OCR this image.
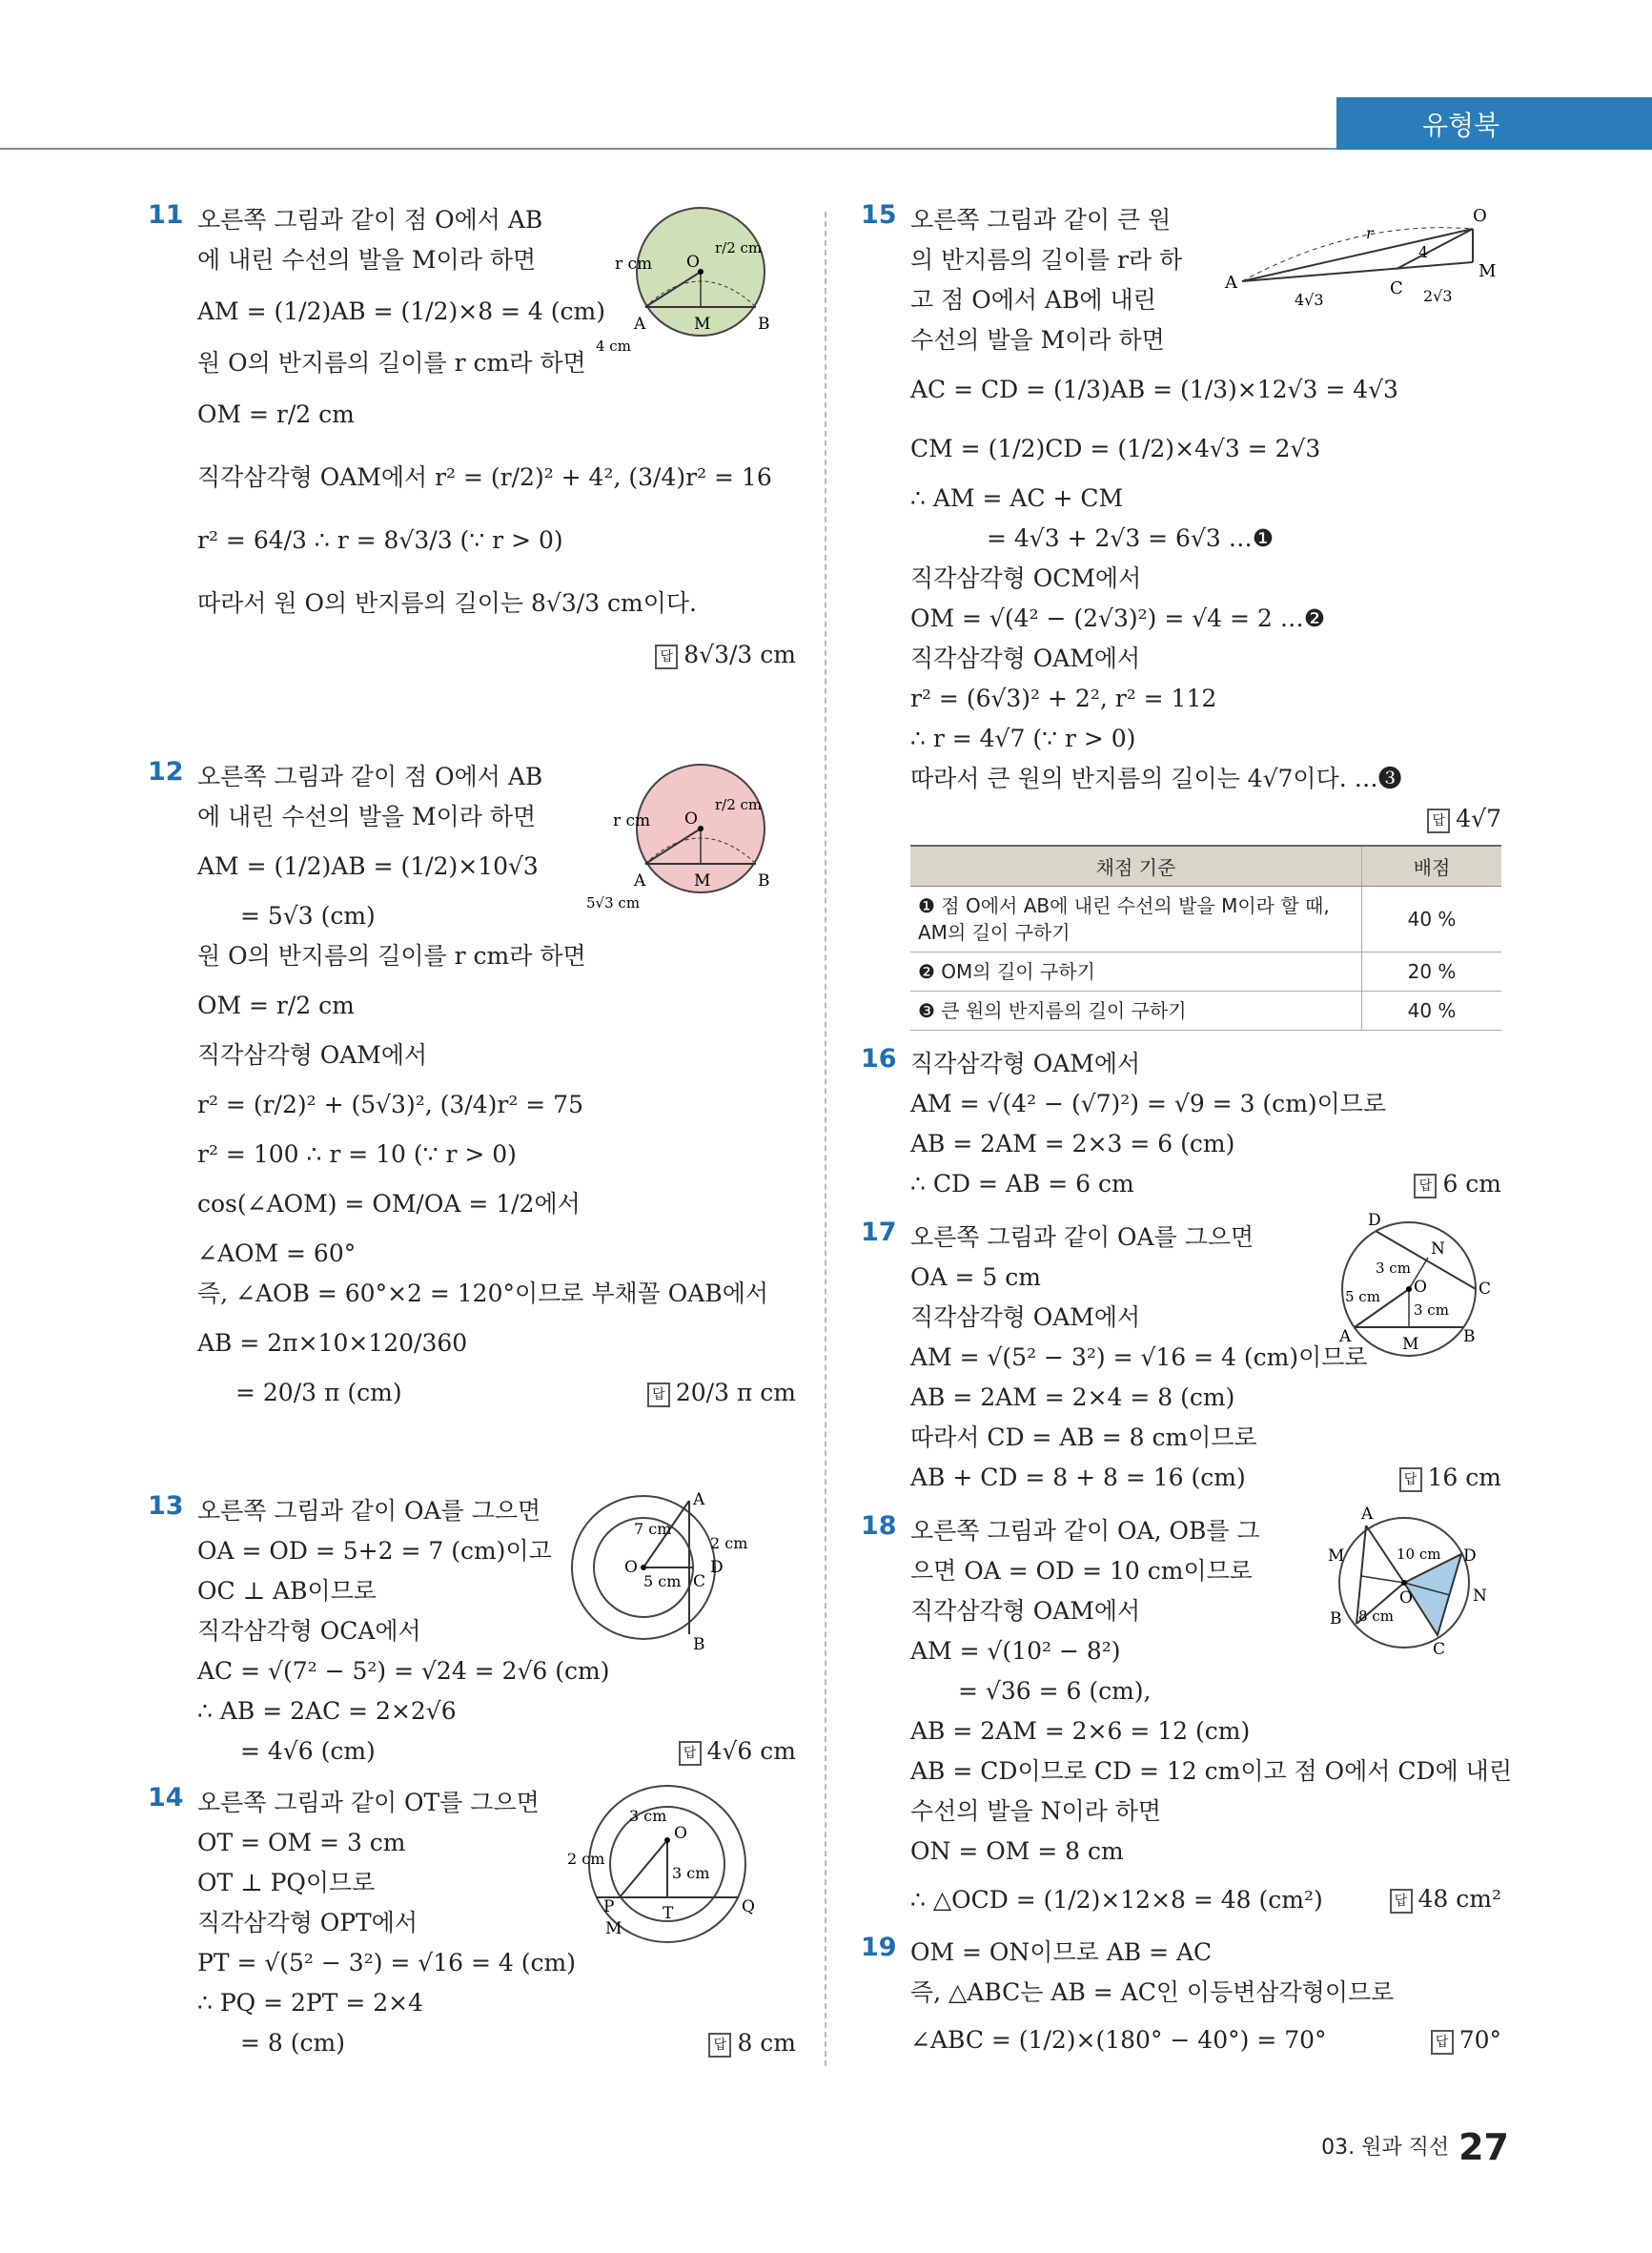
유형북
11 오른쪽 그림과 같이 점 O에서 AB
에 내린 수선의 발을 M이라 하면
AM = (1/2)AB = (1/2)×8 = 4 (cm)
원 O의 반지름의 길이를 r cm라 하면
OM = r/2 cm
직각삼각형 OAM에서 r² = (r/2)² + 4², (3/4)r² = 16
r² = 64/3 ∴ r = 8√3/3 (∵ r > 0)
따라서 원 O의 반지름의 길이는 8√3/3 cm이다.
답 8√3/3 cm
r cm O
r/2 cm
A	M	B
4 cm
12 오른쪽 그림과 같이 점 O에서 AB
에 내린 수선의 발을 M이라 하면
AM = (1/2)AB = (1/2)×10√3
= 5√3 (cm)
원 O의 반지름의 길이를 r cm라 하면
OM = r/2 cm
직각삼각형 OAM에서
r² = (r/2)² + (5√3)², (3/4)r² = 75
r² = 100 ∴ r = 10 (∵ r > 0)
cos(∠AOM) = OM/OA = 1/2에서
∠AOM = 60°
즉, ∠AOB = 60°×2 = 120°이므로 부채꼴 OAB에서
AB = 2π×10×120/360
= 20/3 π (cm)	답 20/3 π cm
r cm O
r/2 cm
A	M	B
5√3 cm
13 오른쪽 그림과 같이 OA를 그으면
OA = OD = 5+2 = 7 (cm)이고
OC ⊥ AB이므로
직각삼각형 OCA에서
AC = √(7² − 5²) = √24 = 2√6 (cm)
∴ AB = 2AC = 2×2√6
= 4√6 (cm)	답 4√6 cm
A
7 cm
2 cm
O
5 cm C
D
B
14 오른쪽 그림과 같이 OT를 그으면
OT = OM = 3 cm
OT ⊥ PQ이므로
직각삼각형 OPT에서
PT = √(5² − 3²) = √16 = 4 (cm)
∴ PQ = 2PT = 2×4
= 8 (cm)	답 8 cm
3 cm
O
2 cm
3 cm
P	T	Q
M
15 오른쪽 그림과 같이 큰 원
의 반지름의 길이를 r라 하
고 점 O에서 AB에 내린
수선의 발을 M이라 하면
AC = CD = (1/3)AB = (1/3)×12√3 = 4√3
CM = (1/2)CD = (1/2)×4√3 = 2√3
∴ AM = AC + CM
= 4√3 + 2√3 = 6√3 …❶
직각삼각형 OCM에서
OM = √(4² − (2√3)²) = √4 = 2 …❷
직각삼각형 OAM에서
r² = (6√3)² + 2², r² = 112
∴ r = 4√7 (∵ r > 0)
따라서 큰 원의 반지름의 길이는 4√7이다. …❸
답 4√7
채점 기준	배점
❶ 점 O에서 AB에 내린 수선의 발을 M이라 할 때, AM의 길이 구하기	40 %
❷ OM의 길이 구하기	20 %
❸ 큰 원의 반지름의 길이 구하기	40 %
O
r
4
A
4√3
C 2√3
M
16 직각삼각형 OAM에서
AM = √(4² − (√7)²) = √9 = 3 (cm)이므로
AB = 2AM = 2×3 = 6 (cm)
∴ CD = AB = 6 cm	답 6 cm
17 오른쪽 그림과 같이 OA를 그으면
OA = 5 cm
직각삼각형 OAM에서
AM = √(5² − 3²) = √16 = 4 (cm)이므로
AB = 2AM = 2×4 = 8 (cm)
따라서 CD = AB = 8 cm이므로
AB + CD = 8 + 8 = 16 (cm)	답 16 cm
D
N
3 cm
O	C
5 cm
3 cm
A	M	B
18 오른쪽 그림과 같이 OA, OB를 그
으면 OA = OD = 10 cm이므로
직각삼각형 OAM에서
AM = √(10² − 8²)
= √36 = 6 (cm),
AB = 2AM = 2×6 = 12 (cm)
AB = CD이므로 CD = 12 cm이고 점 O에서 CD에 내린
수선의 발을 N이라 하면
ON = OM = 8 cm
∴ △OCD = (1/2)×12×8 = 48 (cm²)	답 48 cm²
A
M	10 cm D
O	N
B 8 cm
C
19 OM = ON이므로 AB = AC
즉, △ABC는 AB = AC인 이등변삼각형이므로
∠ABC = (1/2)×(180° − 40°) = 70°	답 70°
03. 원과 직선 27
